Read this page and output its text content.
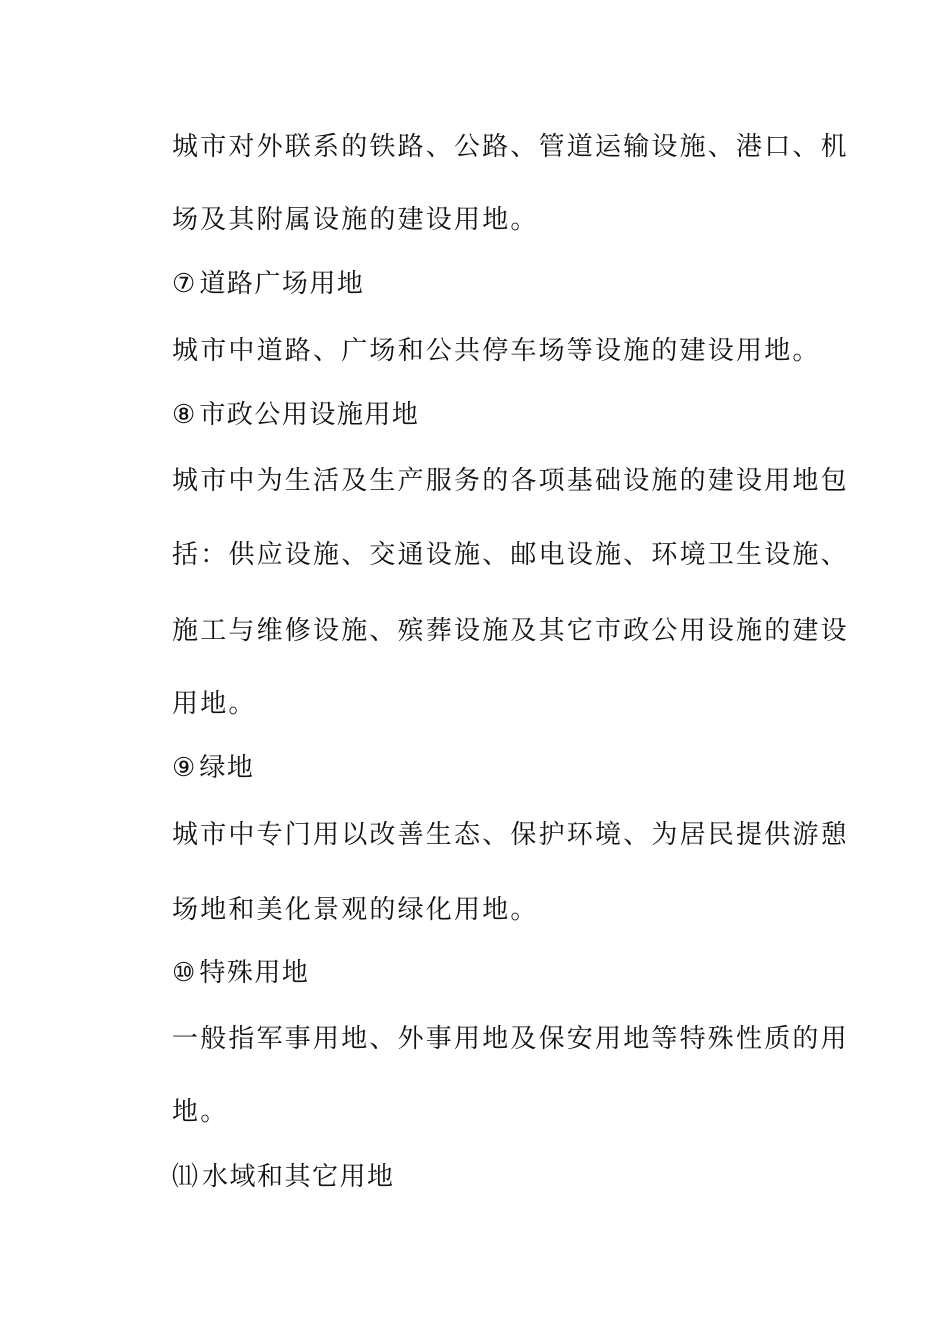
城市对外联系的铁路、公路、管道运输设施、港口、机
场及其附属设施的建设用地。
⑦ 道路广场用地
城市中道路、广场和公共停车场等设施的建设用地。
⑧ 市政公用设施用地
城市中为生活及生产服务的各项基础设施的建设用地包
括：供应设施、交通设施、邮电设施、环境卫生设施、
施工与维修设施、殡葬设施及其它市政公用设施的建设
用地。
⑨ 绿地
城市中专门用以改善生态、保护环境、为居民提供游憩
场地和美化景观的绿化用地。
⑩ 特殊用地
一般指军事用地、外事用地及保安用地等特殊性质的用
地。
⑾ 水域和其它用地
